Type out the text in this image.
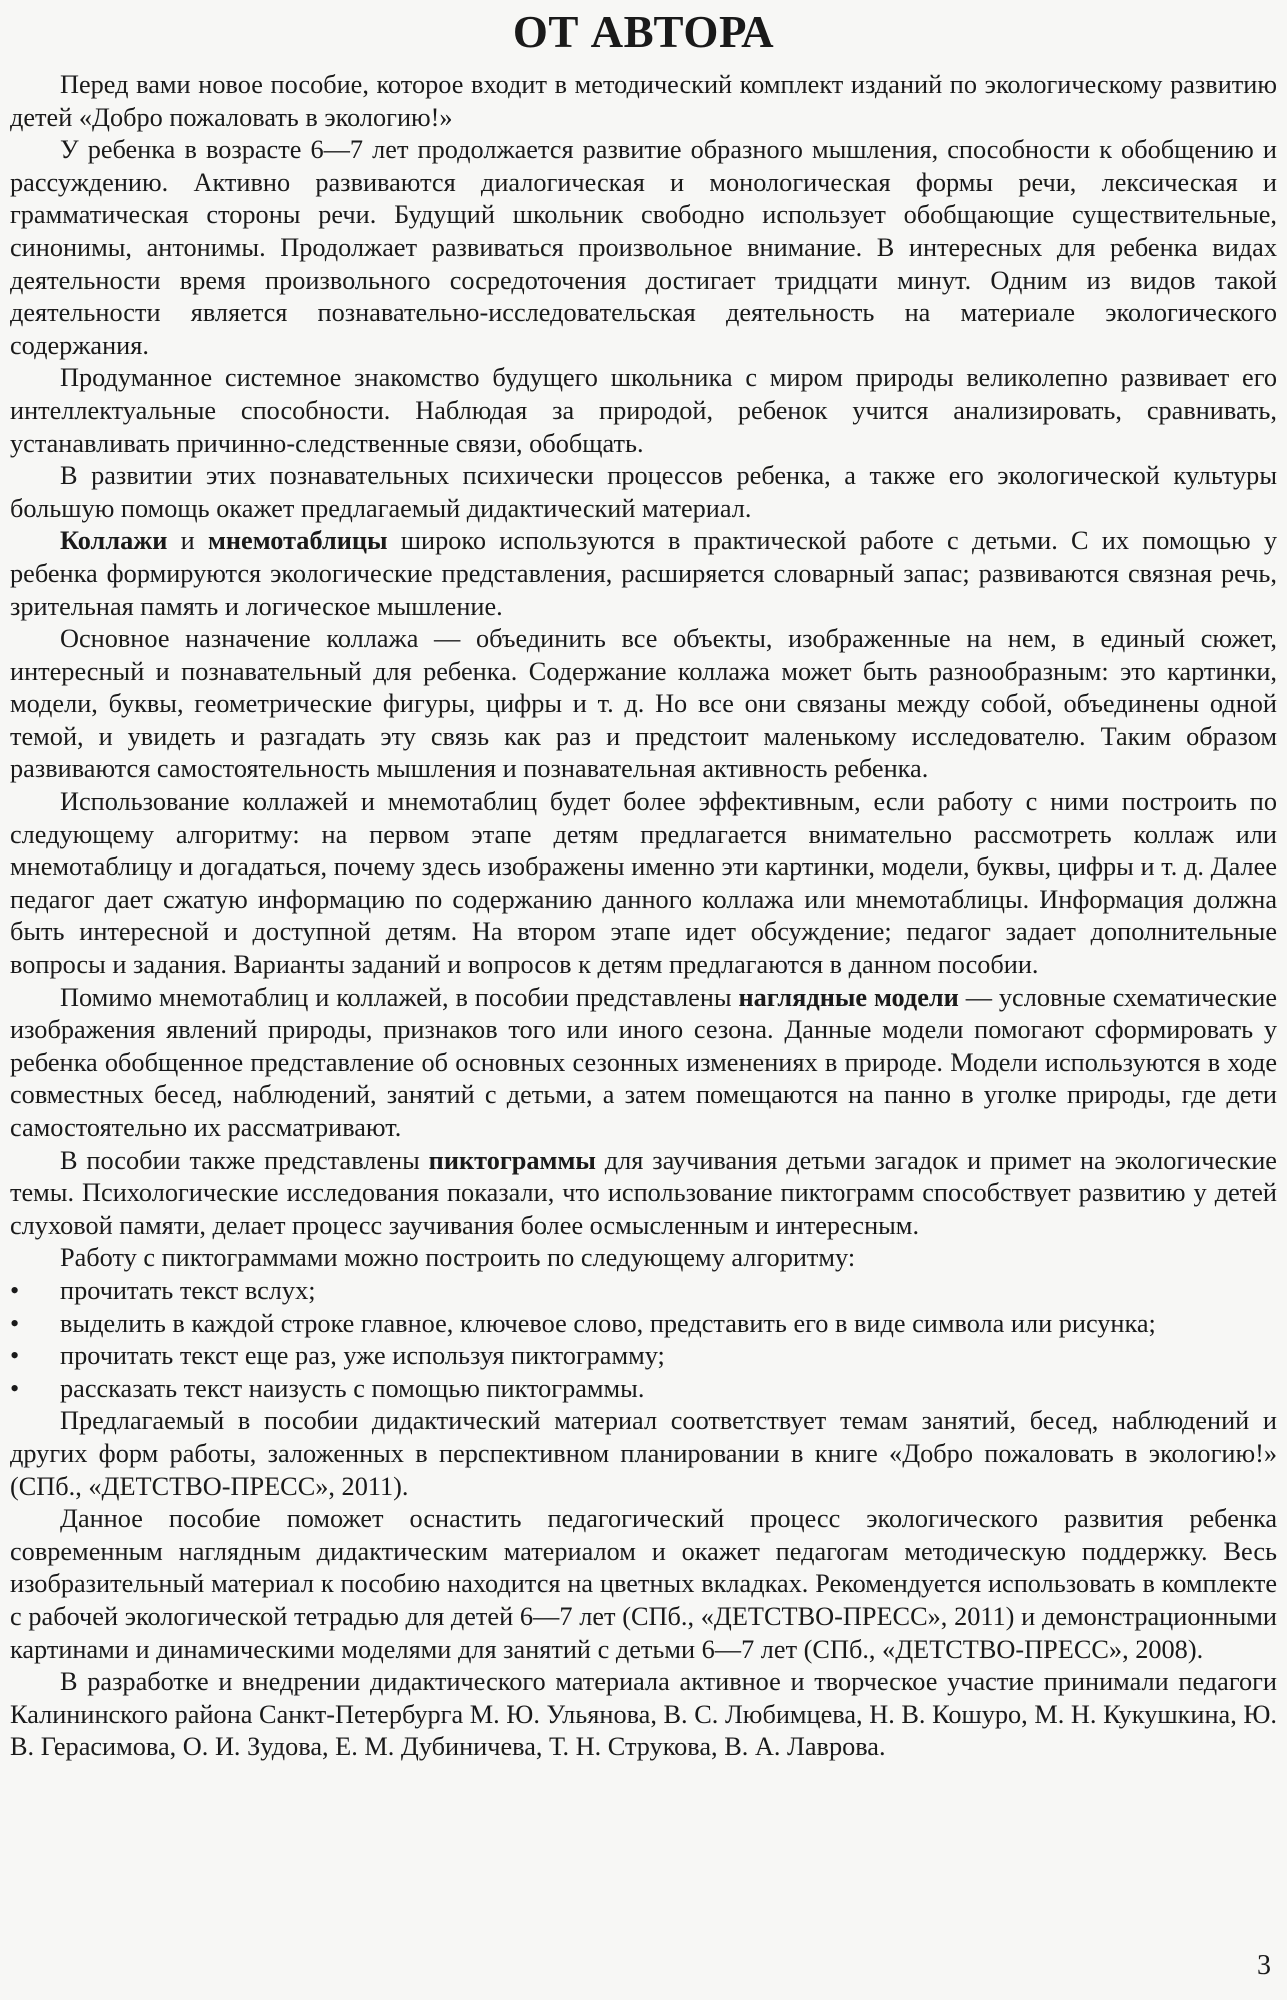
ОТ АВТОРА

Перед вами новое пособие, которое входит в методический комплект изданий по экологическому развитию детей «Добро пожаловать в экологию!»

У ребенка в возрасте 6—7 лет продолжается развитие образного мышления, способности к обобщению и рассуждению. Активно развиваются диалогическая и монологическая формы речи, лексическая и грамматическая стороны речи. Будущий школьник свободно использует обобщающие существительные, синонимы, антонимы. Продолжает развиваться произвольное внимание. В интересных для ребенка видах деятельности время произвольного сосредоточения достигает тридцати минут. Одним из видов такой деятельности является познавательно-исследовательская деятельность на материале экологического содержания.

Продуманное системное знакомство будущего школьника с миром природы великолепно развивает его интеллектуальные способности. Наблюдая за природой, ребенок учится анализировать, сравнивать, устанавливать причинно-следственные связи, обобщать.

В развитии этих познавательных психически процессов ребенка, а также его экологической культуры большую помощь окажет предлагаемый дидактический материал.

Коллажи и мнемотаблицы широко используются в практической работе с детьми. С их помощью у ребенка формируются экологические представления, расширяется словарный запас; развиваются связная речь, зрительная память и логическое мышление.

Основное назначение коллажа — объединить все объекты, изображенные на нем, в единый сюжет, интересный и познавательный для ребенка. Содержание коллажа может быть разнообразным: это картинки, модели, буквы, геометрические фигуры, цифры и т. д. Но все они связаны между собой, объединены одной темой, и увидеть и разгадать эту связь как раз и предстоит маленькому исследователю. Таким образом развиваются самостоятельность мышления и познавательная активность ребенка.

Использование коллажей и мнемотаблиц будет более эффективным, если работу с ними построить по следующему алгоритму: на первом этапе детям предлагается внимательно рассмотреть коллаж или мнемотаблицу и догадаться, почему здесь изображены именно эти картинки, модели, буквы, цифры и т. д. Далее педагог дает сжатую информацию по содержанию данного коллажа или мнемотаблицы. Информация должна быть интересной и доступной детям. На втором этапе идет обсуждение; педагог задает дополнительные вопросы и задания. Варианты заданий и вопросов к детям предлагаются в данном пособии.

Помимо мнемотаблиц и коллажей, в пособии представлены наглядные модели — условные схематические изображения явлений природы, признаков того или иного сезона. Данные модели помогают сформировать у ребенка обобщенное представление об основных сезонных изменениях в природе. Модели используются в ходе совместных бесед, наблюдений, занятий с детьми, а затем помещаются на панно в уголке природы, где дети самостоятельно их рассматривают.

В пособии также представлены пиктограммы для заучивания детьми загадок и примет на экологические темы. Психологические исследования показали, что использование пиктограмм способствует развитию у детей слуховой памяти, делает процесс заучивания более осмысленным и интересным.

Работу с пиктограммами можно построить по следующему алгоритму:

• прочитать текст вслух;
• выделить в каждой строке главное, ключевое слово, представить его в виде символа или рисунка;
• прочитать текст еще раз, уже используя пиктограмму;
• рассказать текст наизусть с помощью пиктограммы.

Предлагаемый в пособии дидактический материал соответствует темам занятий, бесед, наблюдений и других форм работы, заложенных в перспективном планировании в книге «Добро пожаловать в экологию!» (СПб., «ДЕТСТВО-ПРЕСС», 2011).

Данное пособие поможет оснастить педагогический процесс экологического развития ребенка современным наглядным дидактическим материалом и окажет педагогам методическую поддержку. Весь изобразительный материал к пособию находится на цветных вкладках. Рекомендуется использовать в комплекте с рабочей экологической тетрадью для детей 6—7 лет (СПб., «ДЕТСТВО-ПРЕСС», 2011) и демонстрационными картинами и динамическими моделями для занятий с детьми 6—7 лет (СПб., «ДЕТСТВО-ПРЕСС», 2008).

В разработке и внедрении дидактического материала активное и творческое участие принимали педагоги Калининского района Санкт-Петербурга М. Ю. Ульянова, В. С. Любимцева, Н. В. Кошуро, М. Н. Кукушкина, Ю. В. Герасимова, О. И. Зудова, Е. М. Дубиничева, Т. Н. Струкова, В. А. Лаврова.

3
